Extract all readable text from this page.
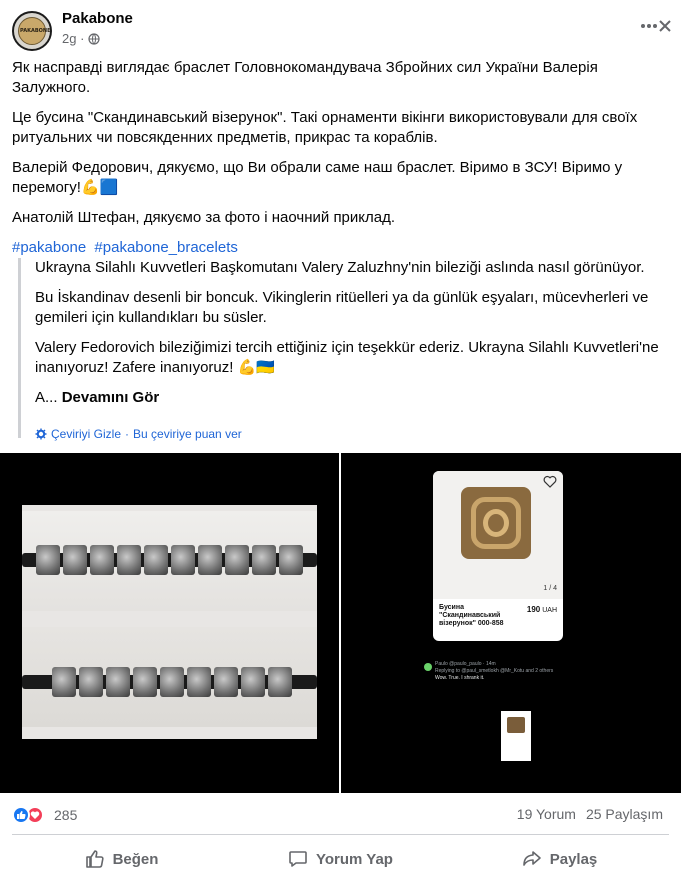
PAKABONE
Pakabone
2g ·

Як насправді виглядає браслет Головнокомандувача Збройних сил України Валерія Залужного.

Це бусина "Скандинавський візерунок". Такі орнаменти вікінги використовували для своїх ритуальних чи повсякденних предметів, прикрас та кораблів.

Валерій Федорович, дякуємо, що Ви обрали саме наш браслет. Віримо в ЗСУ! Віримо у перемогу!💪🟦

Анатолій Штефан, дякуємо за фото і наочний приклад.

#pakabone #pakabone_bracelets

Ukrayna Silahlı Kuvvetleri Başkomutanı Valery Zaluzhny'nin bileziği aslında nasıl görünüyor.

Bu İskandinav desenli bir boncuk. Vikinglerin ritüelleri ya da günlük eşyaları, mücevherleri ve gemileri için kullandıkları bu süsler.

Valery Fedorovich bileziğimizi tercih ettiğiniz için teşekkür ederiz. Ukrayna Silahlı Kuvvetleri'ne inanıyoruz! Zafere inanıyoruz! 💪🇺🇦

A... Devamını Gör

Çeviriyi Gizle · Bu çeviriye puan ver
1 / 4
Бусина "Скандинавський візерунок" 000-858
190 UAH
Paulo @paulo_paulo · 14m
Replying to @paul_smetlokh @Mr_Kotu and 2 others
Wow. True. I shrank it.
285	19 Yorum 25 Paylaşım
Beğen	Yorum Yap	Paylaş
